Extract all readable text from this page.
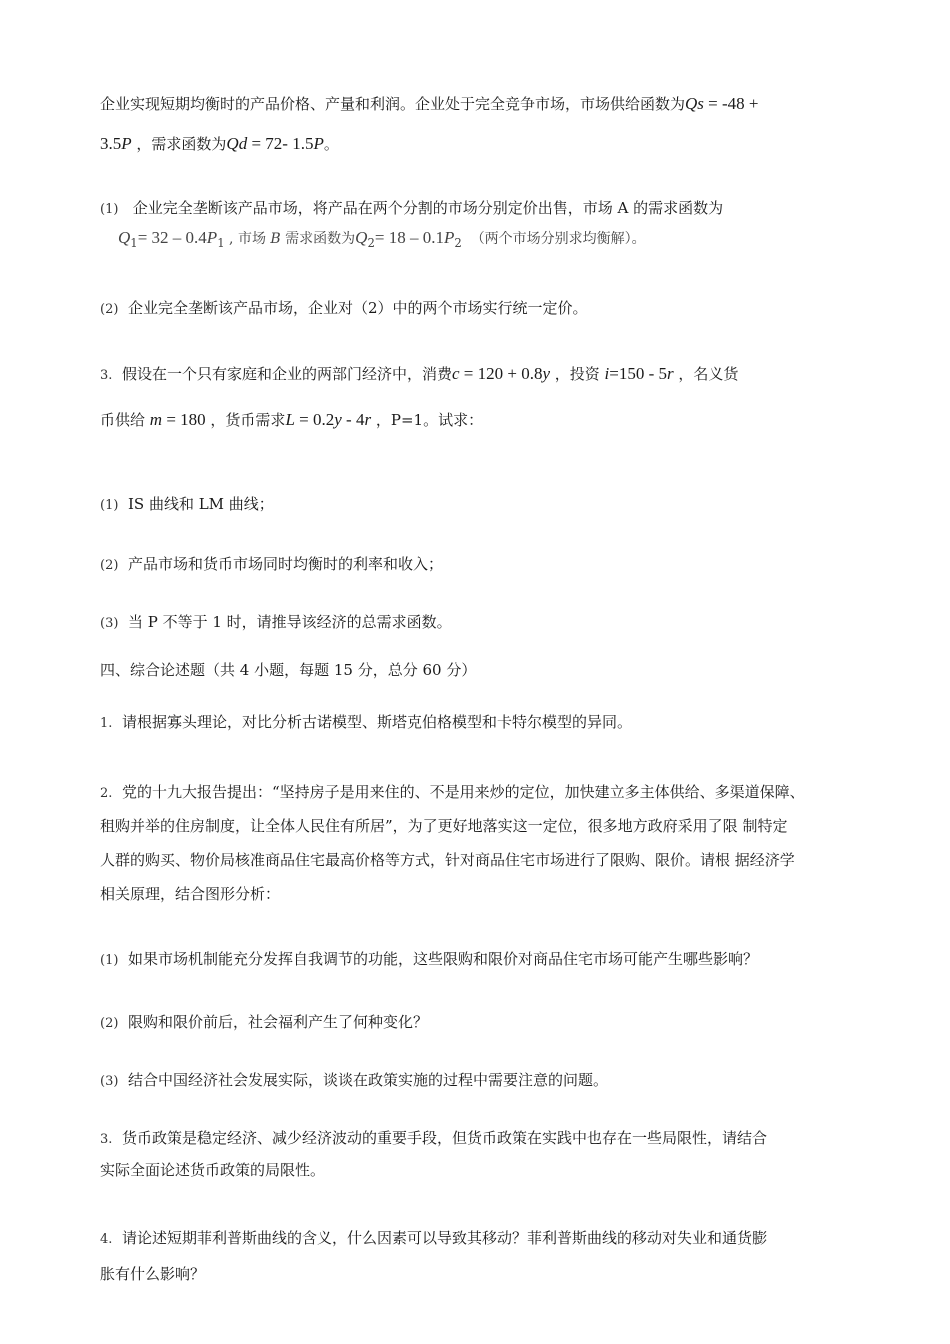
企业实现短期均衡时的产品价格、产量和利润。企业处于完全竞争市场，市场供给函数为Qs = -48 +
3.5P ，需求函数为Qd = 72- 1.5P。
(1) 企业完全垄断该产品市场，将产品在两个分割的市场分别定价出售，市场 A 的需求函数为
$Q_1= 32 - 0.4P_1$ , 市场 B 需求函数为$Q_2= 18 - 0.1P_2$ （两个市场分别求均衡解）。
(2) 企业完全垄断该产品市场，企业对（2）中的两个市场实行统一定价。
3. 假设在一个只有家庭和企业的两部门经济中，消费c = 120 + 0.8y ，投资 i=150 - 5r ，名义货
币供给 m = 180 ，货币需求L = 0.2y - 4r ，P=1。试求：
(1) IS 曲线和 LM 曲线；
(2) 产品市场和货币市场同时均衡时的利率和收入；
(3) 当 P 不等于 1 时，请推导该经济的总需求函数。
四、综合论述题（共 4 小题，每题 15 分，总分 60 分）
1. 请根据寡头理论，对比分析古诺模型、斯塔克伯格模型和卡特尔模型的异同。
2. 党的十九大报告提出：“坚持房子是用来住的、不是用来炒的定位，加快建立多主体供给、多渠道保障、
租购并举的住房制度，让全体人民住有所居”，为了更好地落实这一定位，很多地方政府采用了限 制特定
人群的购买、物价局核准商品住宅最高价格等方式，针对商品住宅市场进行了限购、限价。请根 据经济学
相关原理，结合图形分析：
(1) 如果市场机制能充分发挥自我调节的功能，这些限购和限价对商品住宅市场可能产生哪些影响？
(2) 限购和限价前后，社会福利产生了何种变化？
(3) 结合中国经济社会发展实际，谈谈在政策实施的过程中需要注意的问题。
3. 货币政策是稳定经济、减少经济波动的重要手段，但货币政策在实践中也存在一些局限性，请结合
实际全面论述货币政策的局限性。
4. 请论述短期菲利普斯曲线的含义，什么因素可以导致其移动？菲利普斯曲线的移动对失业和通货膨
胀有什么影响？
